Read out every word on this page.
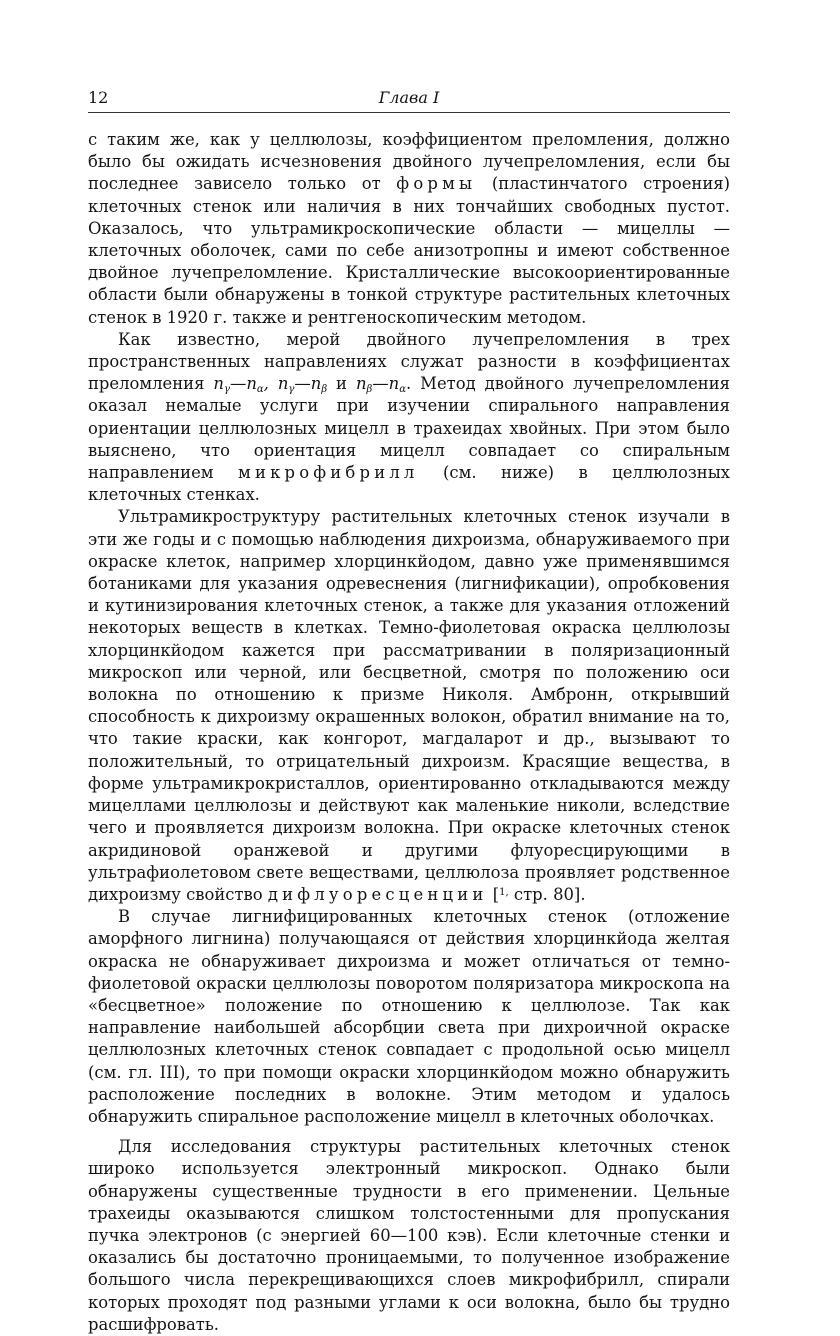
12	Глава I

с таким же, как у целлюлозы, коэффициентом преломления, должно было бы ожидать исчезновения двойного лучепреломления, если бы последнее зависело только от формы (пластинчатого строения) клеточных стенок или наличия в них тончайших свободных пустот. Оказалось, что ультрамикроскопические области — мицеллы — клеточных оболочек, сами по себе анизотропны и имеют собственное двойное лучепреломление. Кристаллические высокоориентированные области были обнаружены в тонкой структуре растительных клеточных стенок в 1920 г. также и рентгеноскопическим методом.

Как известно, мерой двойного лучепреломления в трех пространственных направлениях служат разности в коэффициентах преломления $n_\gamma—n_\alpha$, $n_\gamma—n_\beta$ и $n_\beta—n_\alpha$. Метод двойного лучепреломления оказал немалые услуги при изучении спирального направления ориентации целлюлозных мицелл в трахеидах хвойных. При этом было выяснено, что ориентация мицелл совпадает со спиральным направлением микрофибрилл (см. ниже) в целлюлозных клеточных стенках.

Ультрамикроструктуру растительных клеточных стенок изучали в эти же годы и с помощью наблюдения дихроизма, обнаруживаемого при окраске клеток, например хлорцинкйодом, давно уже применявшимся ботаниками для указания одревеснения (лигнификации), опробковения и кутинизирования клеточных стенок, а также для указания отложений некоторых веществ в клетках. Темно-фиолетовая окраска целлюлозы хлорцинкйодом кажется при рассматривании в поляризационный микроскоп или черной, или бесцветной, смотря по положению оси волокна по отношению к призме Николя. Амбронн, открывший способность к дихроизму окрашенных волокон, обратил внимание на то, что такие краски, как конгорот, магдаларот и др., вызывают то положительный, то отрицательный дихроизм. Красящие вещества, в форме ультрамикрокристаллов, ориентированно откладываются между мицеллами целлюлозы и действуют как маленькие николи, вследствие чего и проявляется дихроизм волокна. При окраске клеточных стенок акридиновой оранжевой и другими флуоресцирующими в ультрафиолетовом свете веществами, целлюлоза проявляет родственное дихроизму свойство дифлуоресценции [$^{1,}$ стр. 80].

В случае лигнифицированных клеточных стенок (отложение аморфного лигнина) получающаяся от действия хлорцинкйода желтая окраска не обнаруживает дихроизма и может отличаться от темно-фиолетовой окраски целлюлозы поворотом поляризатора микроскопа на «бесцветное» положение по отношению к целлюлозе. Так как направление наибольшей абсорбции света при дихроичной окраске целлюлозных клеточных стенок совпадает с продольной осью мицелл (см. гл. III), то при помощи окраски хлорцинкйодом можно обнаружить расположение последних в волокне. Этим методом и удалось обнаружить спиральное расположение мицелл в клеточных оболочках.

Для исследования структуры растительных клеточных стенок широко используется электронный микроскоп. Однако были обнаружены существенные трудности в его применении. Цельные трахеиды оказываются слишком толстостенными для пропускания пучка электронов (с энергией 60—100 кэв). Если клеточные стенки и оказались бы достаточно проницаемыми, то полученное изображение большого числа перекрещивающихся слоев микрофибрилл, спирали которых проходят под разными углами к оси волокна, было бы трудно расшифровать.
